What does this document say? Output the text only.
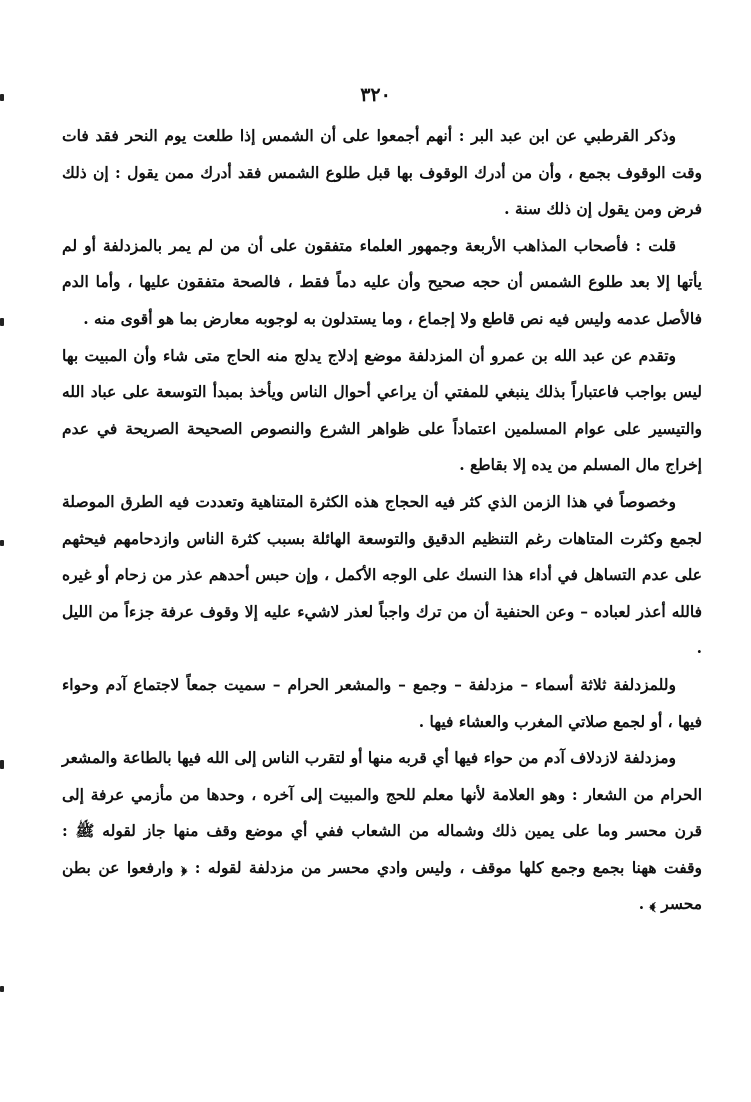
٣٢٠

وذكر القرطبي عن ابن عبد البر : أنهم أجمعوا على أن الشمس إذا طلعت يوم النحر فقد فات وقت الوقوف بجمع ، وأن من أدرك الوقوف بها قبل طلوع الشمس فقد أدرك ممن يقول : إن ذلك فرض ومن يقول إن ذلك سنة .

قلت : فأصحاب المذاهب الأربعة وجمهور العلماء متفقون على أن من لم يمر بالمزدلفة أو لم يأتها إلا بعد طلوع الشمس أن حجه صحيح وأن عليه دماً فقط ، فالصحة متفقون عليها ، وأما الدم فالأصل عدمه وليس فيه نص قاطع ولا إجماع ، وما يستدلون به لوجوبه معارض بما هو أقوى منه .

وتقدم عن عبد الله بن عمرو أن المزدلفة موضع إدلاج يدلج منه الحاج متى شاء وأن المبيت بها ليس بواجب فاعتباراً بذلك ينبغي للمفتي أن يراعي أحوال الناس ويأخذ بمبدأ التوسعة على عباد الله والتيسير على عوام المسلمين اعتماداً على ظواهر الشرع والنصوص الصحيحة الصريحة في عدم إخراج مال المسلم من يده إلا بقاطع .

وخصوصاً في هذا الزمن الذي كثر فيه الحجاج هذه الكثرة المتناهية وتعددت فيه الطرق الموصلة لجمع وكثرت المتاهات رغم التنظيم الدقيق والتوسعة الهائلة بسبب كثرة الناس وازدحامهم فيحثهم على عدم التساهل في أداء هذا النسك على الوجه الأكمل ، وإن حبس أحدهم عذر من زحام أو غيره فالله أعذر لعباده – وعن الحنفية أن من ترك واجباً لعذر لاشيء عليه إلا وقوف عرفة جزءاً من الليل .

وللمزدلفة ثلاثة أسماء – مزدلفة – وجمع – والمشعر الحرام – سميت جمعاً لاجتماع آدم وحواء فيها ، أو لجمع صلاتي المغرب والعشاء فيها .

ومزدلفة لازدلاف آدم من حواء فيها أي قربه منها أو لتقرب الناس إلى الله فيها بالطاعة والمشعر الحرام من الشعار : وهو العلامة لأنها معلم للحج والمبيت إلى آخره ، وحدها من مأزمي عرفة إلى قرن محسر وما على يمين ذلك وشماله من الشعاب ففي أي موضع وقف منها جاز لقوله ﷺ : وقفت ههنا بجمع وجمع كلها موقف ، وليس وادي محسر من مزدلفة لقوله : ﴿ وارفعوا عن بطن محسر ﴾ .
